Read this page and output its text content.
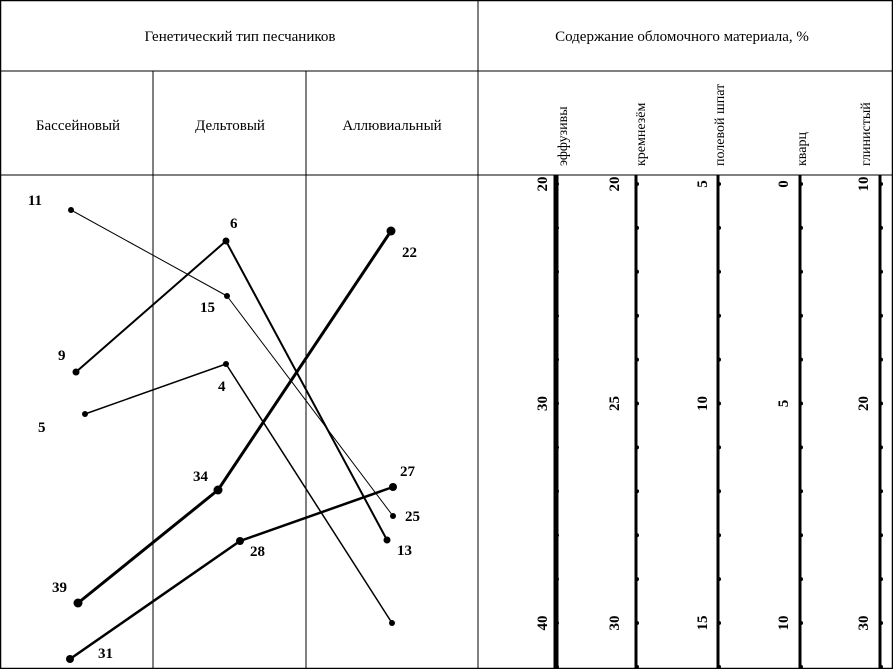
Генетический тип песчаников	Содержание обломочного материала, %
Бассейновый	Дельтовый	Аллювиальный	эффузивы	кремнезём	полевой шпат	кварц	глинистый
20
30
40
20
25
30
5
10
15
0
5
10
10
20
30
11
15
25
9
6
13
5
4
39
34
22
31
28
27
